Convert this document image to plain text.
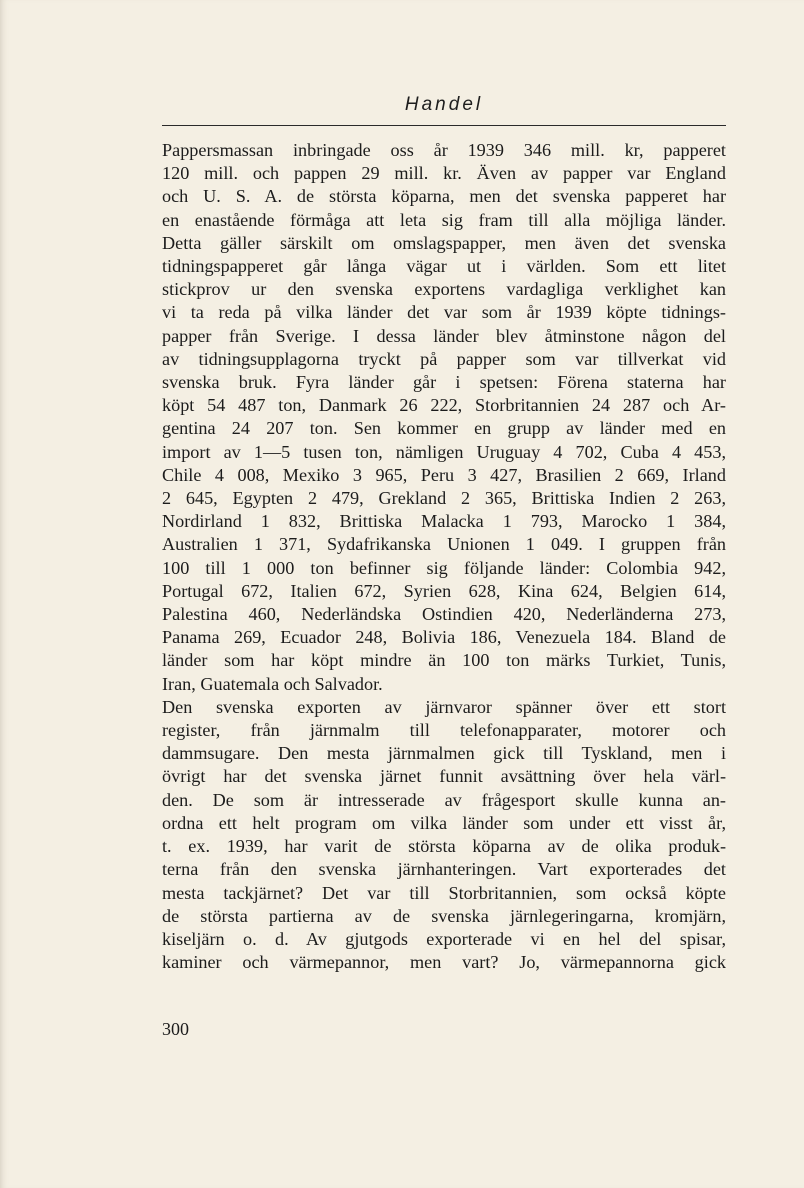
Handel
Pappersmassan inbringade oss år 1939 346 mill. kr, papperet
120 mill. och pappen 29 mill. kr. Även av papper var England
och U. S. A. de största köparna, men det svenska papperet har
en enastående förmåga att leta sig fram till alla möjliga länder.
Detta gäller särskilt om omslagspapper, men även det svenska
tidningspapperet går långa vägar ut i världen. Som ett litet
stickprov ur den svenska exportens vardagliga verklighet kan
vi ta reda på vilka länder det var som år 1939 köpte tidnings-
papper från Sverige. I dessa länder blev åtminstone någon del
av tidningsupplagorna tryckt på papper som var tillverkat vid
svenska bruk. Fyra länder går i spetsen: Förena staterna har
köpt 54 487 ton, Danmark 26 222, Storbritannien 24 287 och Ar-
gentina 24 207 ton. Sen kommer en grupp av länder med en
import av 1—5 tusen ton, nämligen Uruguay 4 702, Cuba 4 453,
Chile 4 008, Mexiko 3 965, Peru 3 427, Brasilien 2 669, Irland
2 645, Egypten 2 479, Grekland 2 365, Brittiska Indien 2 263,
Nordirland 1 832, Brittiska Malacka 1 793, Marocko 1 384,
Australien 1 371, Sydafrikanska Unionen 1 049. I gruppen från
100 till 1 000 ton befinner sig följande länder: Colombia 942,
Portugal 672, Italien 672, Syrien 628, Kina 624, Belgien 614,
Palestina 460, Nederländska Ostindien 420, Nederländerna 273,
Panama 269, Ecuador 248, Bolivia 186, Venezuela 184. Bland de
länder som har köpt mindre än 100 ton märks Turkiet, Tunis,
Iran, Guatemala och Salvador.
Den svenska exporten av järnvaror spänner över ett stort
register, från järnmalm till telefonapparater, motorer och
dammsugare. Den mesta järnmalmen gick till Tyskland, men i
övrigt har det svenska järnet funnit avsättning över hela värl-
den. De som är intresserade av frågesport skulle kunna an-
ordna ett helt program om vilka länder som under ett visst år,
t. ex. 1939, har varit de största köparna av de olika produk-
terna från den svenska järnhanteringen. Vart exporterades det
mesta tackjärnet? Det var till Storbritannien, som också köpte
de största partierna av de svenska järnlegeringarna, kromjärn,
kiseljärn o. d. Av gjutgods exporterade vi en hel del spisar,
kaminer och värmepannor, men vart? Jo, värmepannorna gick
300
